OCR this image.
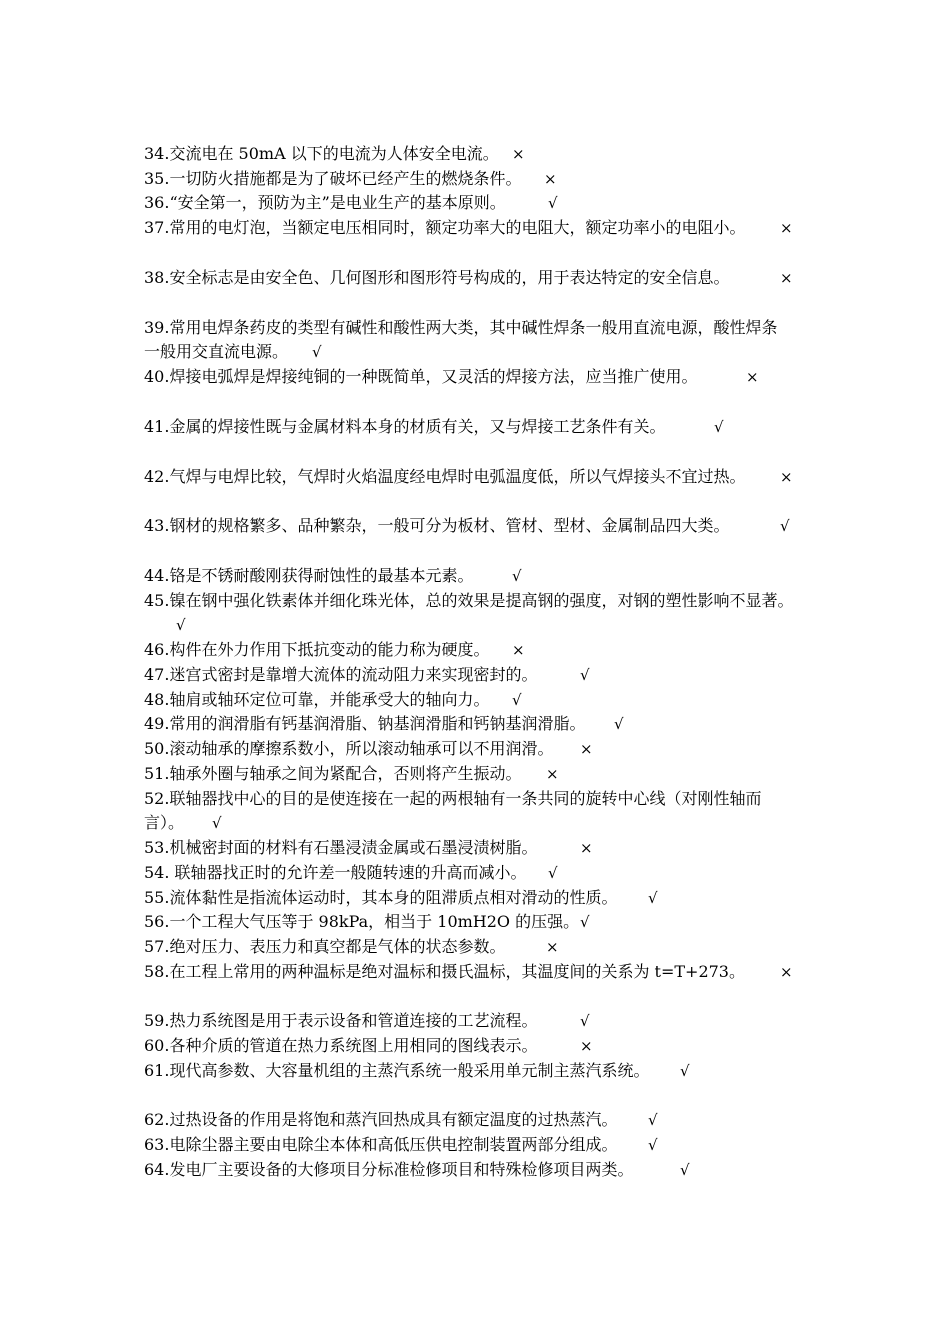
34.交流电在 50mA 以下的电流为人体安全电流。

×

35.一切防火措施都是为了破坏已经产生的燃烧条件。

×

36.“安全第一，预防为主”是电业生产的基本原则。

	√

37.常用的电灯泡，当额定电压相同时，额定功率大的电阻大，额定功率小的电阻小。

×

38.安全标志是由安全色、几何图形和图形符号构成的，用于表达特定的安全信息。

	×

39.常用电焊条药皮的类型有碱性和酸性两大类，其中碱性焊条一般用直流电源，酸性焊条

一般用交直流电源。

√

40.焊接电弧焊是焊接纯铜的一种既简单，又灵活的焊接方法，应当推广使用。

	×

41.金属的焊接性既与金属材料本身的材质有关，又与焊接工艺条件有关。

	√

42.气焊与电焊比较，气焊时火焰温度经电焊时电弧温度低，所以气焊接头不宜过热。

×

43.钢材的规格繁多、品种繁杂，一般可分为板材、管材、型材、金属制品四大类。

	√

44.铬是不锈耐酸刚获得耐蚀性的最基本元素。

	√

45.镍在钢中强化铁素体并细化珠光体，总的效果是提高钢的强度，对钢的塑性影响不显著。

√

46.构件在外力作用下抵抗变动的能力称为硬度。

×

47.迷宫式密封是靠增大流体的流动阻力来实现密封的。

	√

48.轴肩或轴环定位可靠，并能承受大的轴向力。

√

49.常用的润滑脂有钙基润滑脂、钠基润滑脂和钙钠基润滑脂。

√

50.滚动轴承的摩擦系数小，所以滚动轴承可以不用润滑。

×

51.轴承外圈与轴承之间为紧配合，否则将产生振动。

×

52.联轴器找中心的目的是使连接在一起的两根轴有一条共同的旋转中心线（对刚性轴而

言）。

√

53.机械密封面的材料有石墨浸渍金属或石墨浸渍树脂。

	×

54. 联轴器找正时的允许差一般随转速的升高而减小。

√

55.流体黏性是指流体运动时，其本身的阻滞质点相对滑动的性质。

√

56.一个工程大气压等于 98kPa，相当于 10mH2O 的压强。

√

57.绝对压力、表压力和真空都是气体的状态参数。

	×

58.在工程上常用的两种温标是绝对温标和摄氏温标，其温度间的关系为 t=T+273。

×

59.热力系统图是用于表示设备和管道连接的工艺流程。

	√

60.各种介质的管道在热力系统图上用相同的图线表示。

	×

61.现代高参数、大容量机组的主蒸汽系统一般采用单元制主蒸汽系统。

√

62.过热设备的作用是将饱和蒸汽回热成具有额定温度的过热蒸汽。

√

63.电除尘器主要由电除尘本体和高低压供电控制装置两部分组成。

√

64.发电厂主要设备的大修项目分标准检修项目和特殊检修项目两类。

	√
